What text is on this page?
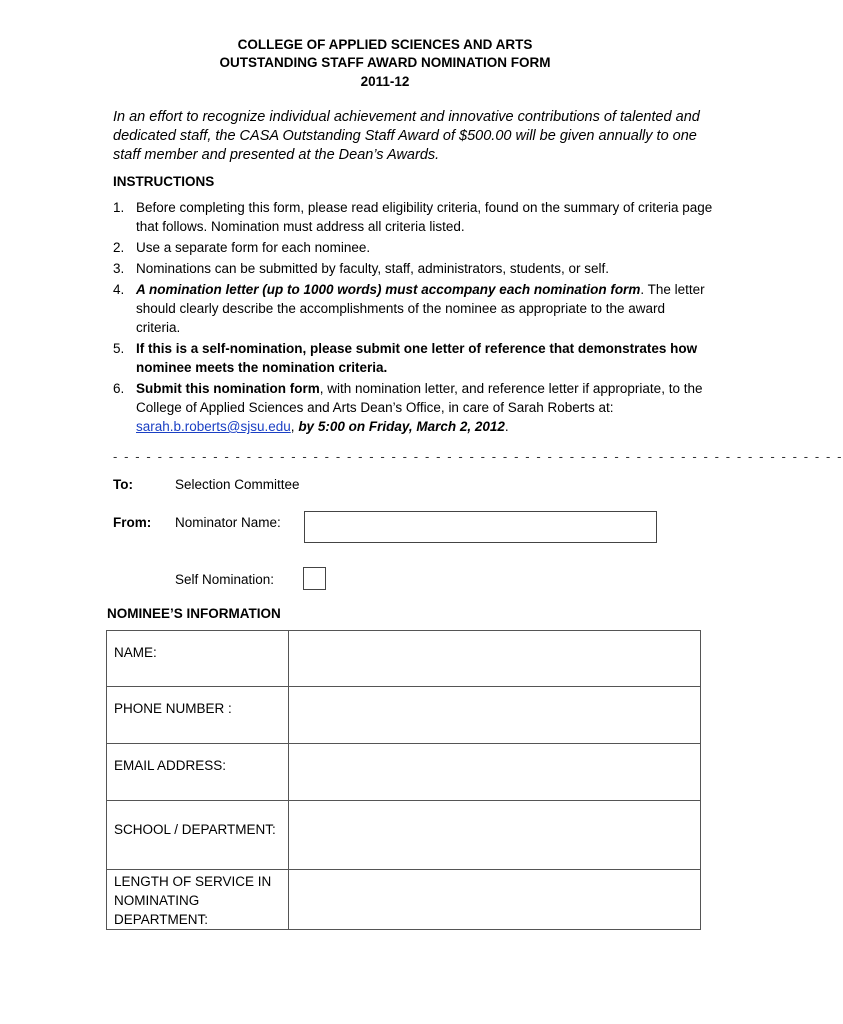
COLLEGE OF APPLIED SCIENCES AND ARTS
OUTSTANDING STAFF AWARD NOMINATION FORM
2011-12
In an effort to recognize individual achievement and innovative contributions of talented and dedicated staff, the CASA Outstanding Staff Award of $500.00 will be given annually to one staff member and presented at the Dean’s Awards.
INSTRUCTIONS
1. Before completing this form, please read eligibility criteria, found on the summary of criteria page that follows. Nomination must address all criteria listed.
2. Use a separate form for each nominee.
3. Nominations can be submitted by faculty, staff, administrators, students, or self.
4. A nomination letter (up to 1000 words) must accompany each nomination form. The letter should clearly describe the accomplishments of the nominee as appropriate to the award criteria.
5. If this is a self-nomination, please submit one letter of reference that demonstrates how nominee meets the nomination criteria.
6. Submit this nomination form, with nomination letter, and reference letter if appropriate, to the College of Applied Sciences and Arts Dean’s Office, in care of Sarah Roberts at: sarah.b.roberts@sjsu.edu, by 5:00 on Friday, March 2, 2012.
- - - - - - - - - - - - - - - - - - - - - - - - - - - - - - - - - - - - - - - - - - - - - - - - - - - - - - - - - - - - - - - - - -
To:	Selection Committee
From: Nominator Name:
Self Nomination:
NOMINEE’S INFORMATION
NAME:	
PHONE NUMBER :	
EMAIL ADDRESS:	
SCHOOL / DEPARTMENT:	
LENGTH OF SERVICE IN NOMINATING DEPARTMENT:	
